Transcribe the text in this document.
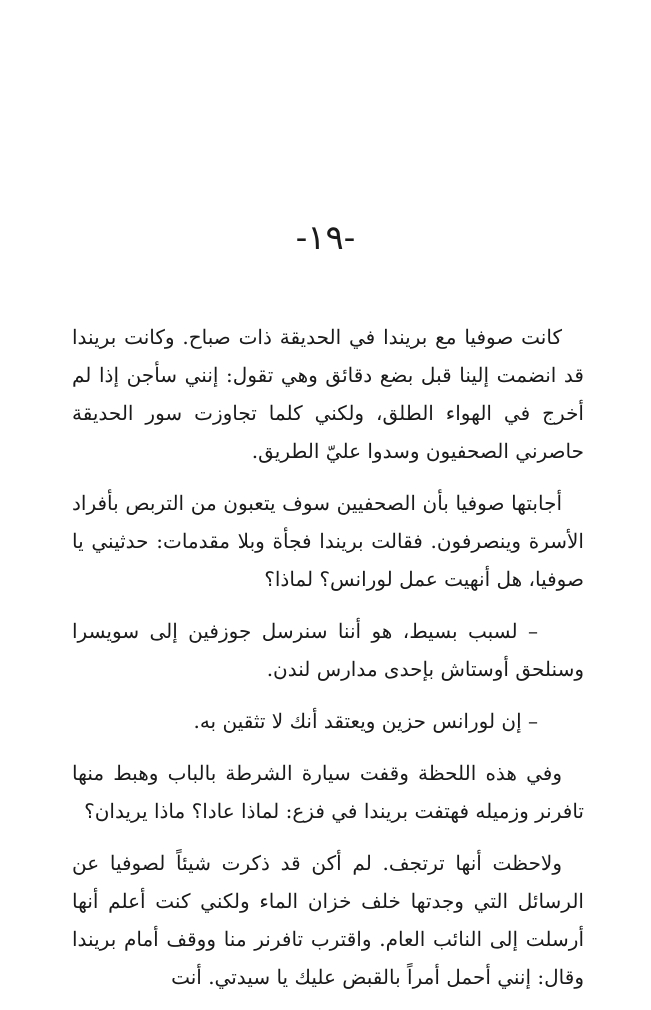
-١٩-

كانت صوفيا مع بريندا في الحديقة ذات صباح. وكانت بريندا قد انضمت إلينا قبل بضع دقائق وهي تقول: إنني سأجن إذا لم أخرج في الهواء الطلق، ولكني كلما تجاوزت سور الحديقة حاصرني الصحفيون وسدوا عليّ الطريق.

أجابتها صوفيا بأن الصحفيين سوف يتعبون من التربص بأفراد الأسرة وينصرفون. فقالت بريندا فجأة وبلا مقدمات: حدثيني يا صوفيا، هل أنهيت عمل لورانس؟ لماذا؟

– لسبب بسيط، هو أننا سنرسل جوزفين إلى سويسرا وسنلحق أوستاش بإحدى مدارس لندن.

– إن لورانس حزين ويعتقد أنك لا تثقين به.

وفي هذه اللحظة وقفت سيارة الشرطة بالباب وهبط منها تافرنر وزميله فهتفت بريندا في فزع: لماذا عادا؟ ماذا يريدان؟

ولاحظت أنها ترتجف. لم أكن قد ذكرت شيئاً لصوفيا عن الرسائل التي وجدتها خلف خزان الماء ولكني كنت أعلم أنها أرسلت إلى النائب العام. واقترب تافرنر منا ووقف أمام بريندا وقال: إنني أحمل أمراً بالقبض عليك يا سيدتي. أنت
